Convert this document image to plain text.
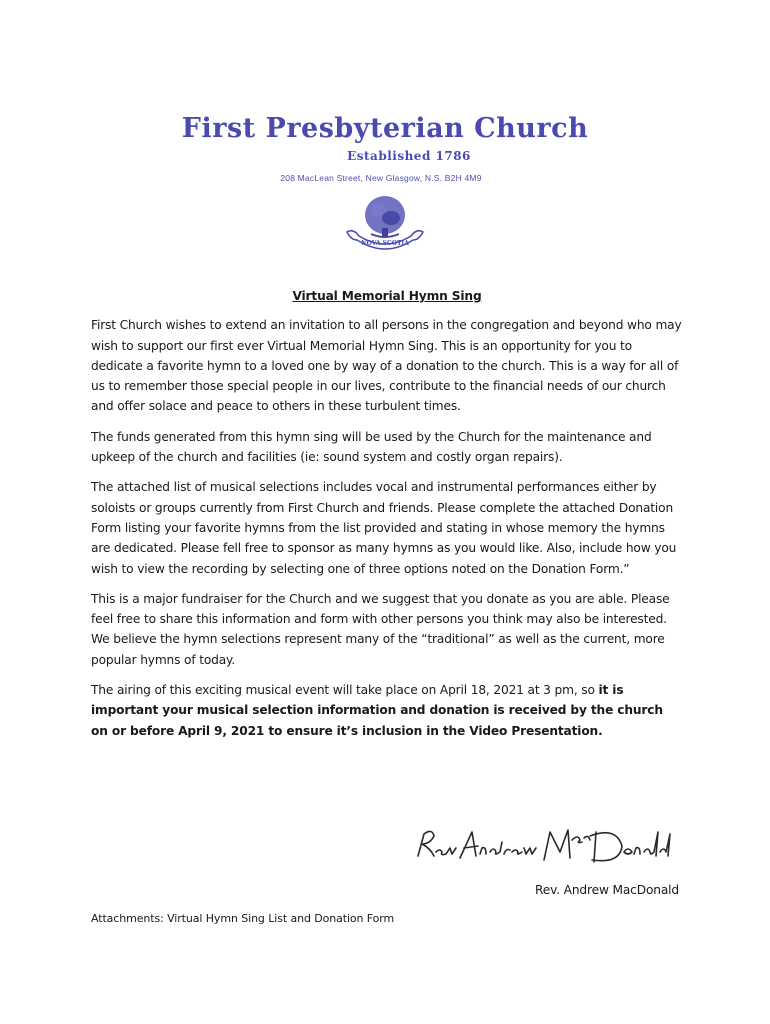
First Presbyterian Church
Established 1786
208 MacLean Street, New Glasgow, N.S. B2H 4M9
NOVA SCOTIA
Virtual Memorial Hymn Sing

First Church wishes to extend an invitation to all persons in the congregation and beyond who may wish to support our first ever Virtual Memorial Hymn Sing. This is an opportunity for you to dedicate a favorite hymn to a loved one by way of a donation to the church. This is a way for all of us to remember those special people in our lives, contribute to the financial needs of our church and offer solace and peace to others in these turbulent times.

The funds generated from this hymn sing will be used by the Church for the maintenance and upkeep of the church and facilities (ie: sound system and costly organ repairs).

The attached list of musical selections includes vocal and instrumental performances either by soloists or groups currently from First Church and friends. Please complete the attached Donation Form listing your favorite hymns from the list provided and stating in whose memory the hymns are dedicated. Please fell free to sponsor as many hymns as you would like. Also, include how you wish to view the recording by selecting one of three options noted on the Donation Form.”

This is a major fundraiser for the Church and we suggest that you donate as you are able. Please feel free to share this information and form with other persons you think may also be interested. We believe the hymn selections represent many of the “traditional” as well as the current, more popular hymns of today.

The airing of this exciting musical event will take place on April 18, 2021 at 3 pm, so it is important your musical selection information and donation is received by the church on or before April 9, 2021 to ensure it’s inclusion in the Video Presentation.

Rev Andrew MacDonald
Rev. Andrew MacDonald
Attachments: Virtual Hymn Sing List and Donation Form
